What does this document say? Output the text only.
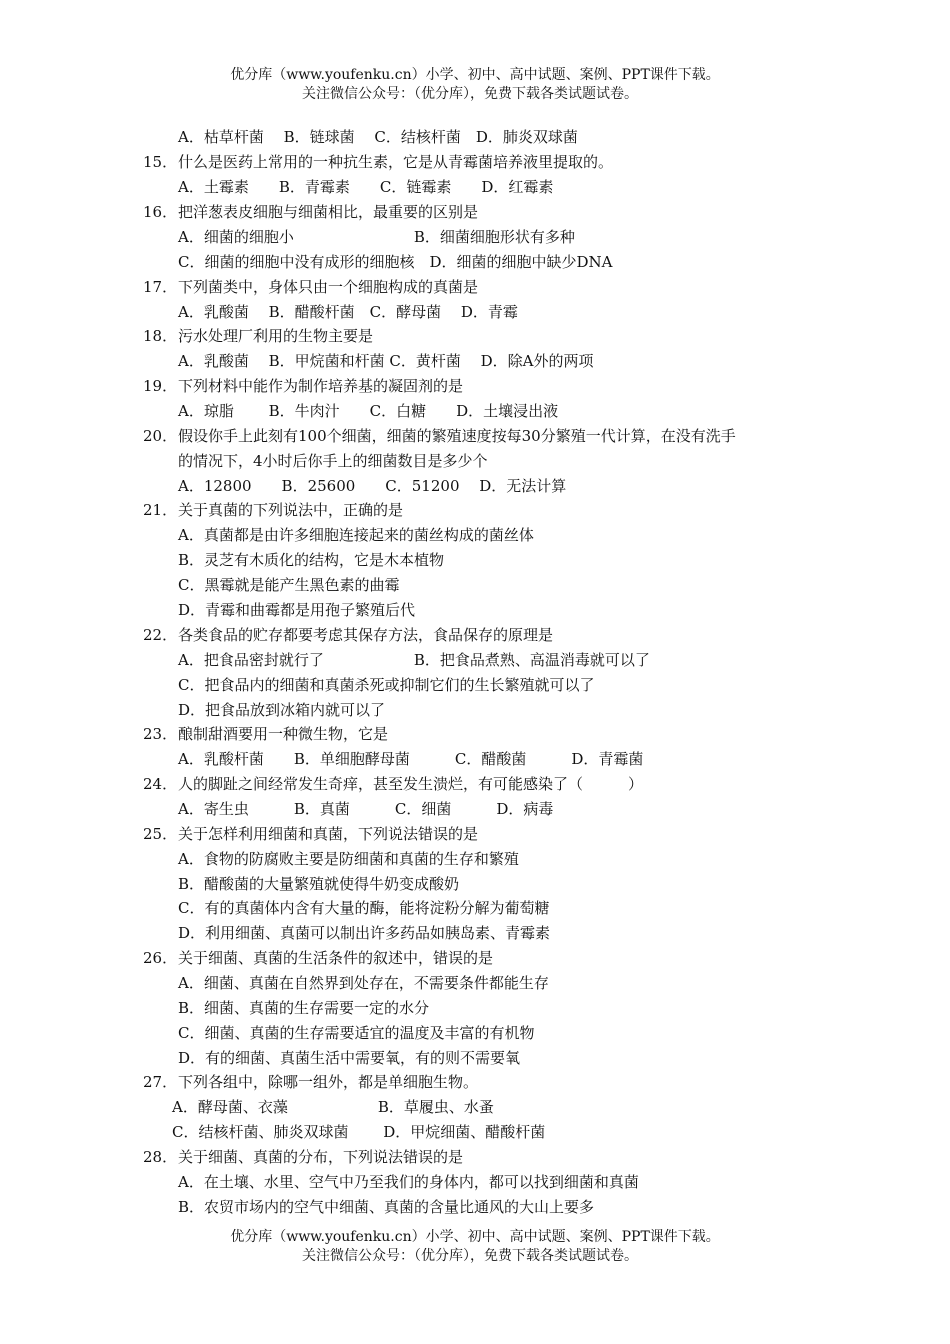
优分库（www.youfenku.cn）小学、初中、高中试题、案例、PPT课件下载。
关注微信公众号：（优分库），免费下载各类试题试卷。
A．枯草杆菌　 B．链球菌　 C．结核杆菌　D．肺炎双球菌
15．什么是医药上常用的一种抗生素，它是从青霉菌培养液里提取的。
A．土霉素　　B．青霉素　　C．链霉素　　D．红霉素
16．把洋葱表皮细胞与细菌相比，最重要的区别是
A．细菌的细胞小　　　　　　　　B．细菌细胞形状有多种
C．细菌的细胞中没有成形的细胞核　D．细菌的细胞中缺少DNA
17．下列菌类中，身体只由一个细胞构成的真菌是
A．乳酸菌　 B．醋酸杆菌　C．酵母菌　 D．青霉
18．污水处理厂利用的生物主要是
A．乳酸菌　 B．甲烷菌和杆菌 C．黄杆菌　 D．除A外的两项
19．下列材料中能作为制作培养基的凝固剂的是
A．琼脂　　 B．牛肉汁　　C．白糖　　D．土壤浸出液
20．假设你手上此刻有100个细菌，细菌的繁殖速度按每30分繁殖一代计算，在没有洗手
的情况下，4小时后你手上的细菌数目是多少个
A．12800　　B．25600　　C．51200　 D．无法计算
21．关于真菌的下列说法中，正确的是
A．真菌都是由许多细胞连接起来的菌丝构成的菌丝体
B．灵芝有木质化的结构，它是木本植物
C．黑霉就是能产生黑色素的曲霉
D．青霉和曲霉都是用孢子繁殖后代
22．各类食品的贮存都要考虑其保存方法，食品保存的原理是
A．把食品密封就行了　　　　　　B．把食品煮熟、高温消毒就可以了
C．把食品内的细菌和真菌杀死或抑制它们的生长繁殖就可以了
D．把食品放到冰箱内就可以了
23．酿制甜酒要用一种微生物，它是
A．乳酸杆菌　　B．单细胞酵母菌　　　C．醋酸菌　　　D．青霉菌
24．人的脚趾之间经常发生奇痒，甚至发生溃烂，有可能感染了（　　　）
A．寄生虫　　　B．真菌　　　C．细菌　　　D．病毒
25．关于怎样利用细菌和真菌，下列说法错误的是
A．食物的防腐败主要是防细菌和真菌的生存和繁殖
B．醋酸菌的大量繁殖就使得牛奶变成酸奶
C．有的真菌体内含有大量的酶，能将淀粉分解为葡萄糖
D．利用细菌、真菌可以制出许多药品如胰岛素、青霉素
26．关于细菌、真菌的生活条件的叙述中，错误的是
A．细菌、真菌在自然界到处存在，不需要条件都能生存
B．细菌、真菌的生存需要一定的水分
C．细菌、真菌的生存需要适宜的温度及丰富的有机物
D．有的细菌、真菌生活中需要氧，有的则不需要氧
27．下列各组中，除哪一组外，都是单细胞生物。
A．酵母菌、衣藻　　　　　　B．草履虫、水蚤
C．结核杆菌、肺炎双球菌　　 D．甲烷细菌、醋酸杆菌
28．关于细菌、真菌的分布，下列说法错误的是
A．在土壤、水里、空气中乃至我们的身体内，都可以找到细菌和真菌
B．农贸市场内的空气中细菌、真菌的含量比通风的大山上要多
优分库（www.youfenku.cn）小学、初中、高中试题、案例、PPT课件下载。
关注微信公众号：（优分库），免费下载各类试题试卷。
